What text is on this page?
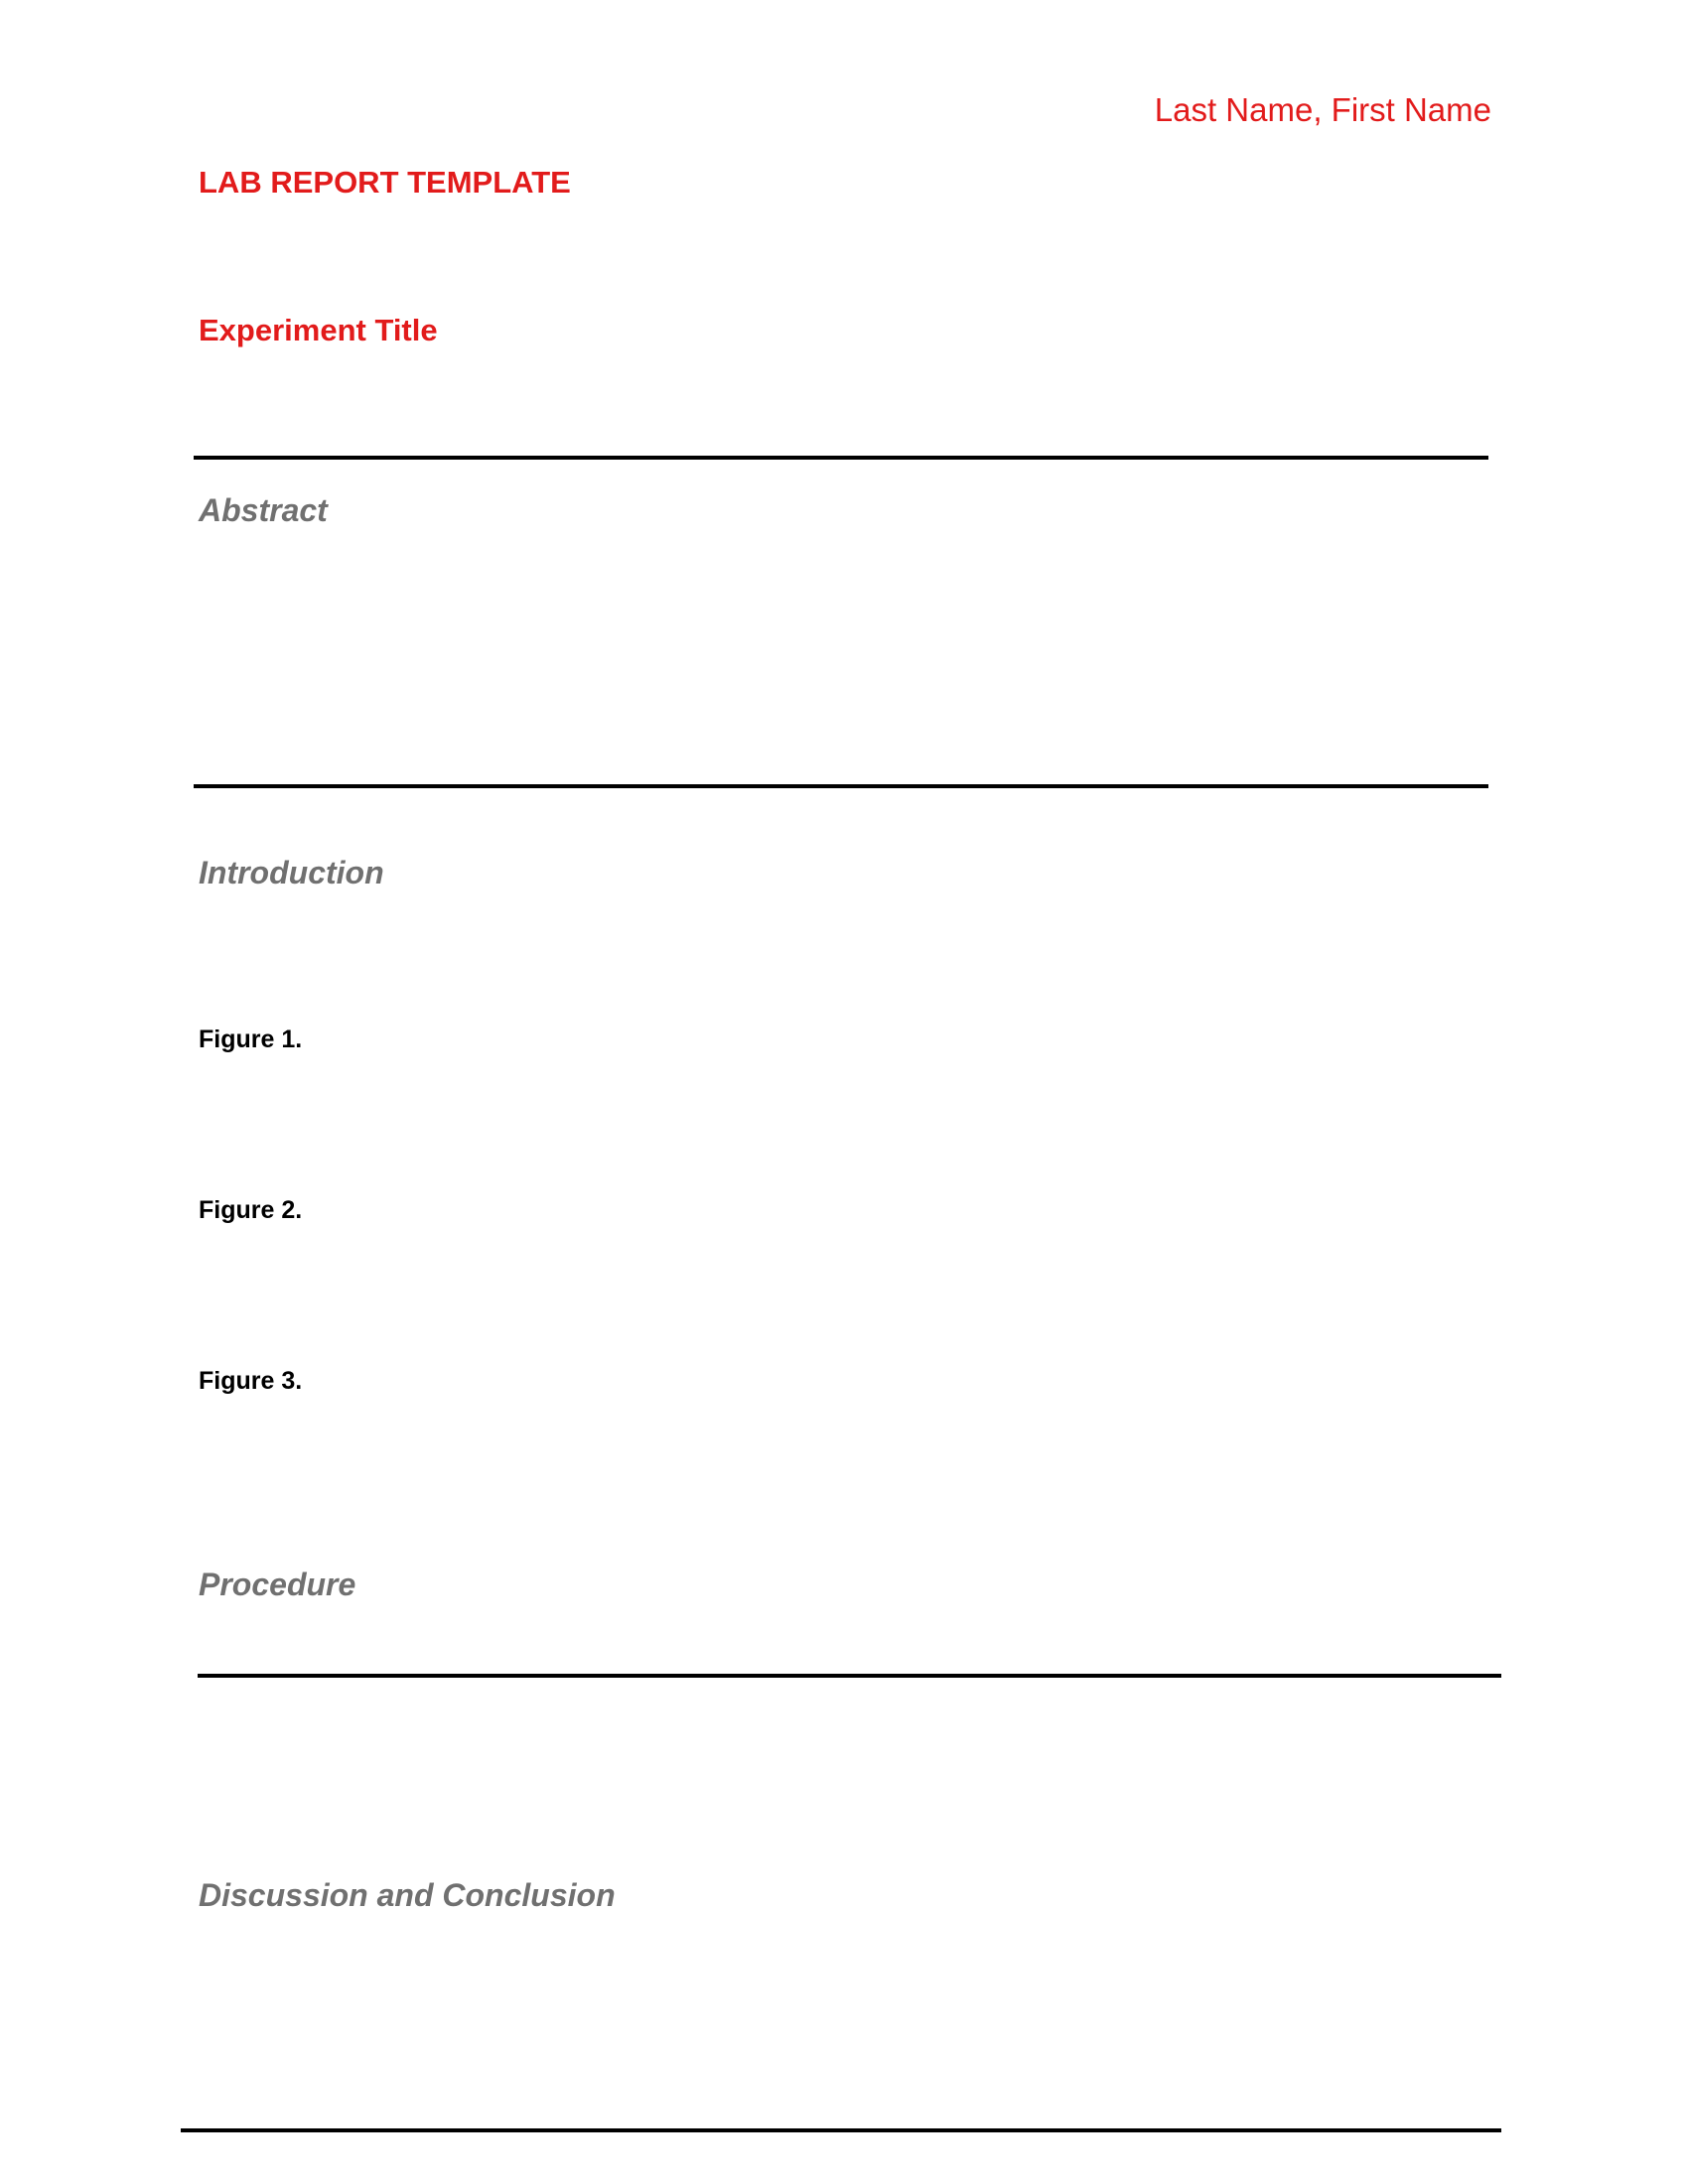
Last Name, First Name
LAB REPORT TEMPLATE
Experiment Title
Abstract
Introduction
Figure 1.
Figure 2.
Figure 3.
Procedure
Discussion and Conclusion
